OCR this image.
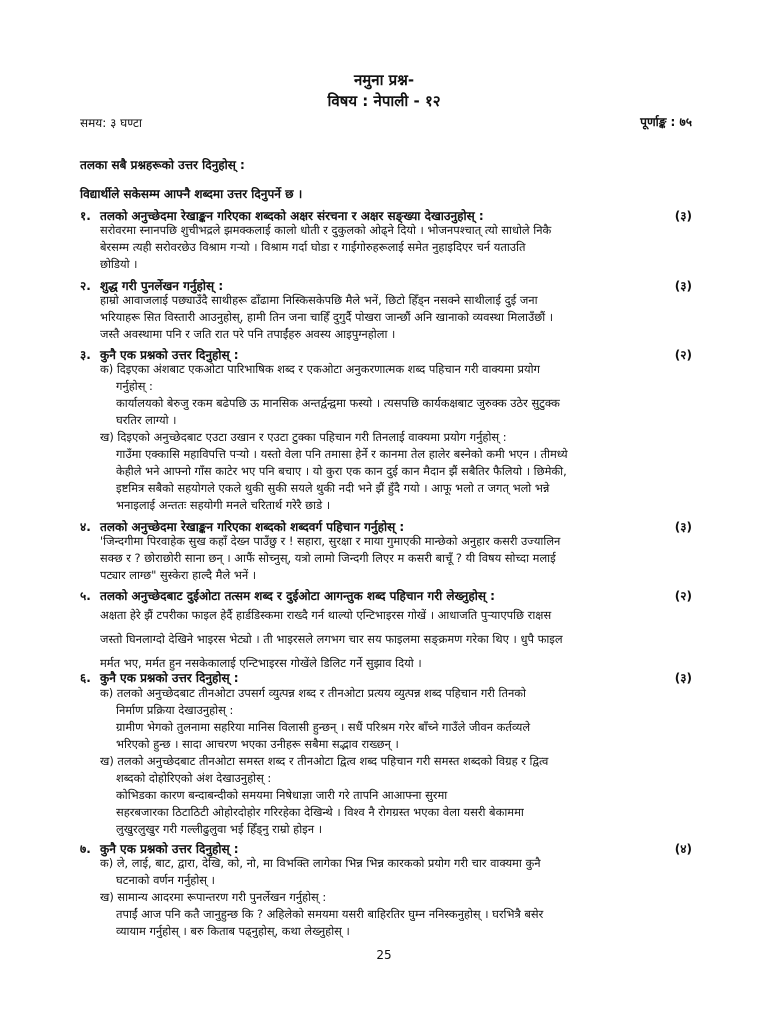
नमुना प्रश्न-
विषय : नेपाली - १२
समय: ३ घण्टा	पूर्णाङ्क : ७५
तलका सबै प्रश्नहरूको उत्तर दिनुहोस् :
विद्यार्थीले सकेसम्म आफ्नै शब्दमा उत्तर दिनुपर्ने छ ।
१. तलको अनुच्छेदमा रेखाङ्कन गरिएका शब्दको अक्षर संरचना र अक्षर सङ्ख्या देखाउनुहोस् :	(३)
सरोवरमा स्नानपछि शुचीभद्रले झमक्कलाई कालो धोती र दुकुलको ओढ्ने दियो । भोजनपश्चात् त्यो साधोले निकै
बेरसम्म त्यही सरोवरछेउ विश्राम गऱ्यो । विश्राम गर्दा घोडा र गाईगोरुहरूलाई समेत नुहाइदिएर चर्न यताउति
छोडियो ।
२. शुद्ध गरी पुनर्लेखन गर्नुहोस् :	(३)
हाम्रो आवाजलाई पछ्याउँदै साथीहरू ढाँढामा निस्किसकेपछि मैले भनें, छिटो हिँड्न नसक्ने साथीलाई दुई जना
भरियाहरू सित विस्तारी आउनुहोस्, हामी तिन जना चाहिँ दुगुर्दै पोखरा जान्छौं अनि खानाको व्यवस्था मिलाउँछौं ।
जस्तै अवस्थामा पनि र जति रात परे पनि तपाईंहरु अवस्य आइपुग्नहोला ।
३. कुनै एक प्रश्नको उत्तर दिनुहोस् :	(२)
क) दिइएका अंशबाट एकओटा पारिभाषिक शब्द र एकओटा अनुकरणात्मक शब्द पहिचान गरी वाक्यमा प्रयोग
गर्नुहोस् :
कार्यालयको बेरुजु रकम बढेपछि ऊ मानसिक अन्तर्द्वन्द्वमा फस्यो । त्यसपछि कार्यकक्षबाट जुरुक्क उठेर सुटुक्क
घरतिर लाग्यो ।
ख) दिइएको अनुच्छेदबाट एउटा उखान र एउटा टुक्का पहिचान गरी तिनलाई वाक्यमा प्रयोग गर्नुहोस् :
गाउँमा एक्कासि महाविपत्ति पऱ्यो । यस्तो वेला पनि तमासा हेर्ने र कानमा तेल हालेर बस्नेको कमी भएन । तीमध्ये
केहीले भने आफ्नो गाँस काटेर भए पनि बचाए । यो कुरा एक कान दुई कान मैदान झैं सबैतिर फैलियो । छिमेकी,
इष्टमित्र सबैको सहयोगले एकले थुकी सुकी सयले थुकी नदी भने झैं हुँदै गयो । आफू भलो त जगत् भलो भन्ने
भनाइलाई अन्ततः सहयोगी मनले चरितार्थ गरेरै छाडे ।
४. तलको अनुच्छेदमा रेखाङ्कन गरिएका शब्दको शब्दवर्ग पहिचान गर्नुहोस् :	(३)
'जिन्दगीमा पिरवाहेक सुख कहाँ देख्न पाउँछु र ! सहारा, सुरक्षा र माया गुमाएकी मान्छेको अनुहार कसरी उज्यालिन
सक्छ र ? छोराछोरी साना छन् । आफैं सोच्नुस्, यत्रो लामो जिन्दगी लिएर म कसरी बाचूँ ? यी विषय सोच्दा मलाई
पट्यार लाग्छ" सुस्केरा हाल्दै मैले भनें ।
५. तलको अनुच्छेदबाट दुईओटा तत्सम शब्द र दुईओटा आगन्तुक शब्द पहिचान गरी लेख्नुहोस् :	(२)
अक्षता हेरे झैं टपरीका फाइल हेर्दै हार्डडिस्कमा राख्दै गर्न थाल्यो एन्टिभाइरस गोखें । आधाजति पुऱ्याएपछि राक्षस
जस्तो घिनलाग्दो देखिने भाइरस भेट्यो । ती भाइरसले लगभग चार सय फाइलमा सङ्क्रमण गरेका थिए । धुपै फाइल
मर्मत भए, मर्मत हुन नसकेकालाई एन्टिभाइरस गोखेंले डिलिट गर्ने सुझाव दियो ।
६. कुनै एक प्रश्नको उत्तर दिनुहोस् :	(३)
क) तलको अनुच्छेदबाट तीनओटा उपसर्ग व्युत्पन्न शब्द र तीनओटा प्रत्यय व्युत्पन्न शब्द पहिचान गरी तिनको
निर्माण प्रक्रिया देखाउनुहोस् :
ग्रामीण भेगको तुलनामा सहरिया मानिस विलासी हुन्छन् । सधैं परिश्रम गरेर बाँच्ने गाउँले जीवन कर्तव्यले
भरिएको हुन्छ । सादा आचरण भएका उनीहरू सबैमा सद्भाव राख्छन् ।
ख) तलको अनुच्छेदबाट तीनओटा समस्त शब्द र तीनओटा द्वित्व शब्द पहिचान गरी समस्त शब्दको विग्रह र द्वित्व
शब्दको दोहोरिएको अंश देखाउनुहोस् :
कोभिडका कारण बन्दाबन्दीको समयमा निषेधाज्ञा जारी गरे तापनि आआफ्ना सुरमा
सहरबजारका ठिटाठिटी ओहोरदोहोर गरिरहेका देखिन्थे । विश्व नै रोगग्रस्त भएका वेला यसरी बेकाममा
लुखुरलुखुर गरी गल्लीढुलुवा भई हिँड्नु राम्रो होइन ।
७. कुनै एक प्रश्नको उत्तर दिनुहोस् :	(४)
क) ले, लाई, बाट, द्वारा, देखि, को, नो, मा विभक्ति लागेका भिन्न भिन्न कारकको प्रयोग गरी चार वाक्यमा कुनै
घटनाको वर्णन गर्नुहोस् ।
ख) सामान्य आदरमा रूपान्तरण गरी पुनर्लेखन गर्नुहोस् :
तपाईं आज पनि कतै जानुहुन्छ कि ? अहिलेको समयमा यसरी बाहिरतिर घुम्न ननिस्कनुहोस् । घरभित्रै बसेर
व्यायाम गर्नुहोस् । बरु किताब पढ्नुहोस्, कथा लेख्नुहोस् ।
25
